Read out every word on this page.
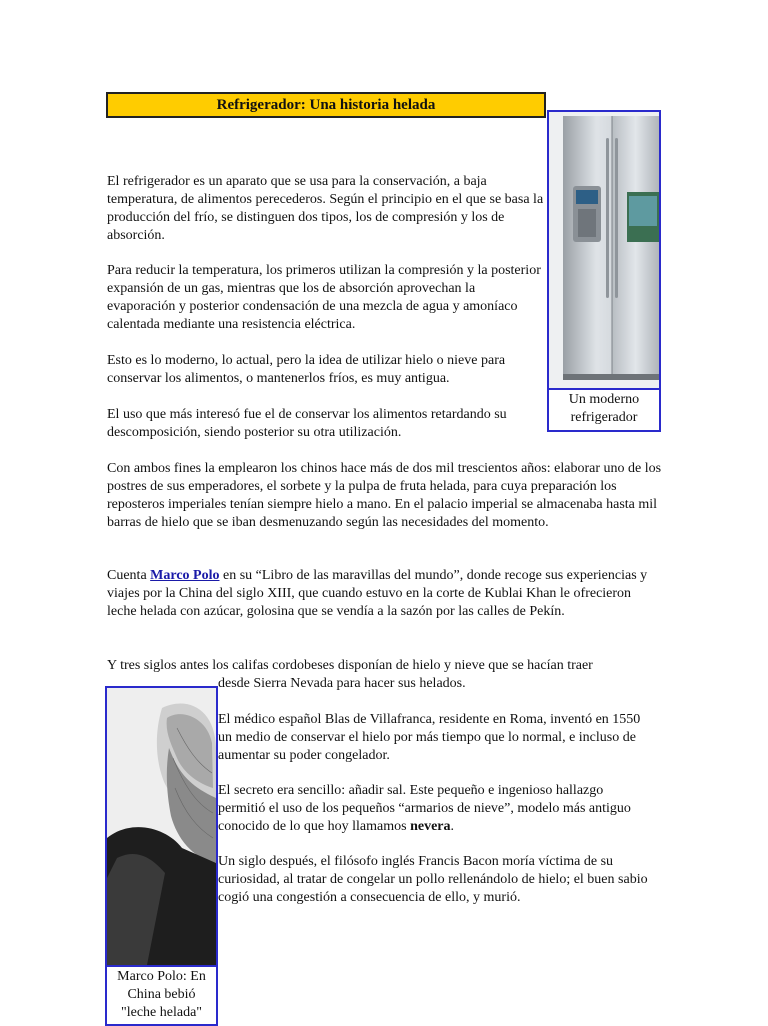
Refrigerador: Una historia helada
Un moderno refrigerador
Marco Polo: En China bebió "leche helada"

El refrigerador es un aparato que se usa para la conservación, a baja temperatura, de alimentos perecederos. Según el principio en el que se basa la producción del frío, se distinguen dos tipos, los de compresión y los de absorción.

Para reducir la temperatura, los primeros utilizan la compresión y la posterior expansión de un gas, mientras que los de absorción aprovechan la evaporación y posterior condensación de una mezcla de agua y amoníaco calentada mediante una resistencia eléctrica.

Esto es lo moderno, lo actual, pero la idea de utilizar hielo o nieve para conservar los alimentos, o mantenerlos fríos, es muy antigua.

El uso que más interesó fue el de conservar los alimentos retardando su descomposición, siendo posterior su otra utilización.

Con ambos fines la emplearon los chinos hace más de dos mil trescientos años: elaborar uno de los postres de sus emperadores, el sorbete y la pulpa de fruta helada, para cuya preparación los reposteros imperiales tenían siempre hielo a mano. En el palacio imperial se almacenaba hasta mil barras de hielo que se iban desmenuzando según las necesidades del momento.

Cuenta Marco Polo en su “Libro de las maravillas del mundo”, donde recoge sus experiencias y viajes por la China del siglo XIII, que cuando estuvo en la corte de Kublai Khan le ofrecieron leche helada con azúcar, golosina que se vendía a la sazón por las calles de Pekín.

Y tres siglos antes los califas cordobeses disponían de hielo y nieve que se hacían traer

desde Sierra Nevada para hacer sus helados.

El médico español Blas de Villafranca, residente en Roma, inventó en 1550 un medio de conservar el hielo por más tiempo que lo normal, e incluso de aumentar su poder congelador.

El secreto era sencillo: añadir sal. Este pequeño e ingenioso hallazgo permitió el uso de los pequeños “armarios de nieve”, modelo más antiguo conocido de lo que hoy llamamos nevera.

Un siglo después, el filósofo inglés Francis Bacon moría víctima de su curiosidad, al tratar de congelar un pollo rellenándolo de hielo; el buen sabio cogió una congestión a consecuencia de ello, y murió.
